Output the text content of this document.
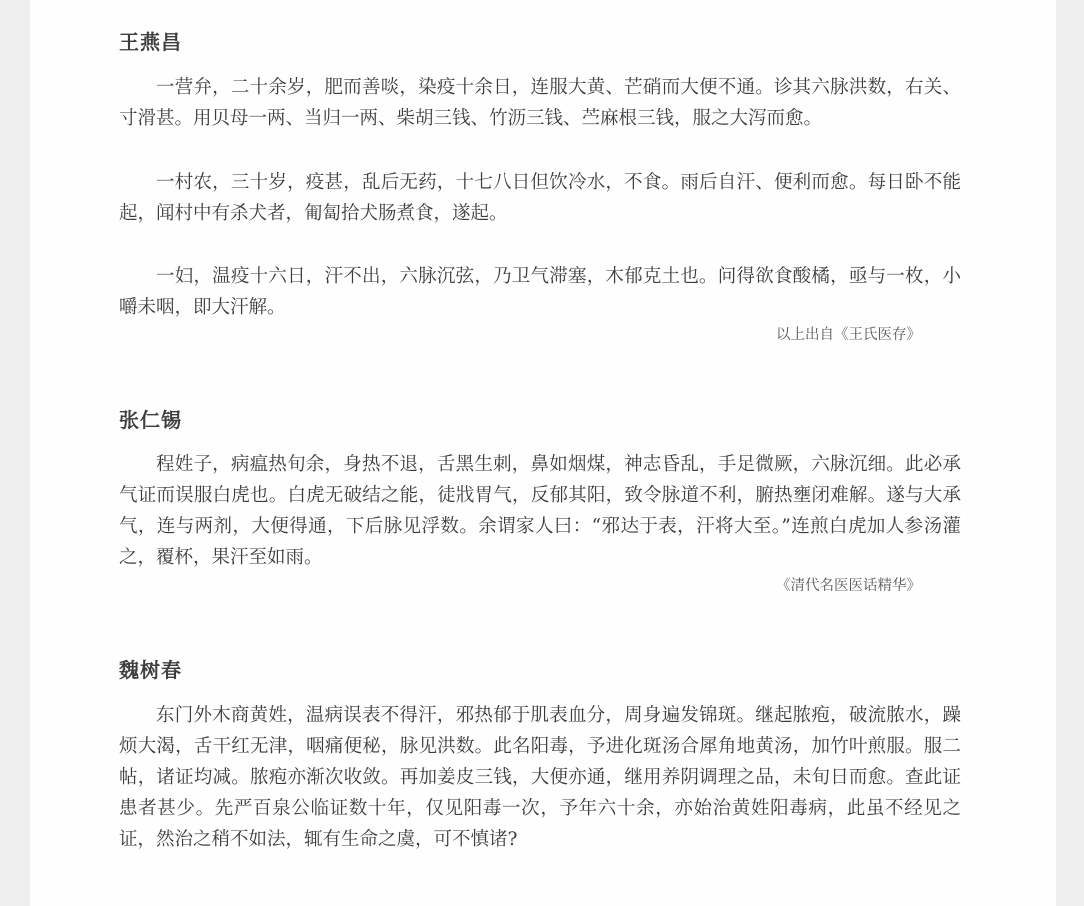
王燕昌

一营弁，二十余岁，肥而善啖，染疫十余日，连服大黄、芒硝而大便不通。诊其六脉洪数，右关、寸滑甚。用贝母一两、当归一两、柴胡三钱、竹沥三钱、苎麻根三钱，服之大泻而愈。

一村农，三十岁，疫甚，乱后无药，十七八日但饮冷水，不食。雨后自汗、便利而愈。每日卧不能起，闻村中有杀犬者，匍匐拾犬肠煮食，遂起。

一妇，温疫十六日，汗不出，六脉沉弦，乃卫气滞塞，木郁克土也。问得欲食酸橘，亟与一枚，小嚼未咽，即大汗解。

以上出自《王氏医存》

张仁锡

程姓子，病瘟热旬余，身热不退，舌黑生刺，鼻如烟煤，神志昏乱，手足微厥，六脉沉细。此必承气证而误服白虎也。白虎无破结之能，徒戕胃气，反郁其阳，致令脉道不利，腑热壅闭难解。遂与大承气，连与两剂，大便得通，下后脉见浮数。余谓家人曰：“邪达于表，汗将大至。”连煎白虎加人参汤灌之，覆杯，果汗至如雨。

《清代名医医话精华》

魏树春

东门外木商黄姓，温病误表不得汗，邪热郁于肌表血分，周身遍发锦斑。继起脓疱，破流脓水，躁烦大渴，舌干红无津，咽痛便秘，脉见洪数。此名阳毒，予进化斑汤合犀角地黄汤，加竹叶煎服。服二帖，诸证均减。脓疱亦渐次收敛。再加姜皮三钱，大便亦通，继用养阴调理之品，未旬日而愈。查此证患者甚少。先严百泉公临证数十年，仅见阳毒一次，予年六十余，亦始治黄姓阳毒病，此虽不经见之证，然治之稍不如法，辄有生命之虞，可不慎诸?
